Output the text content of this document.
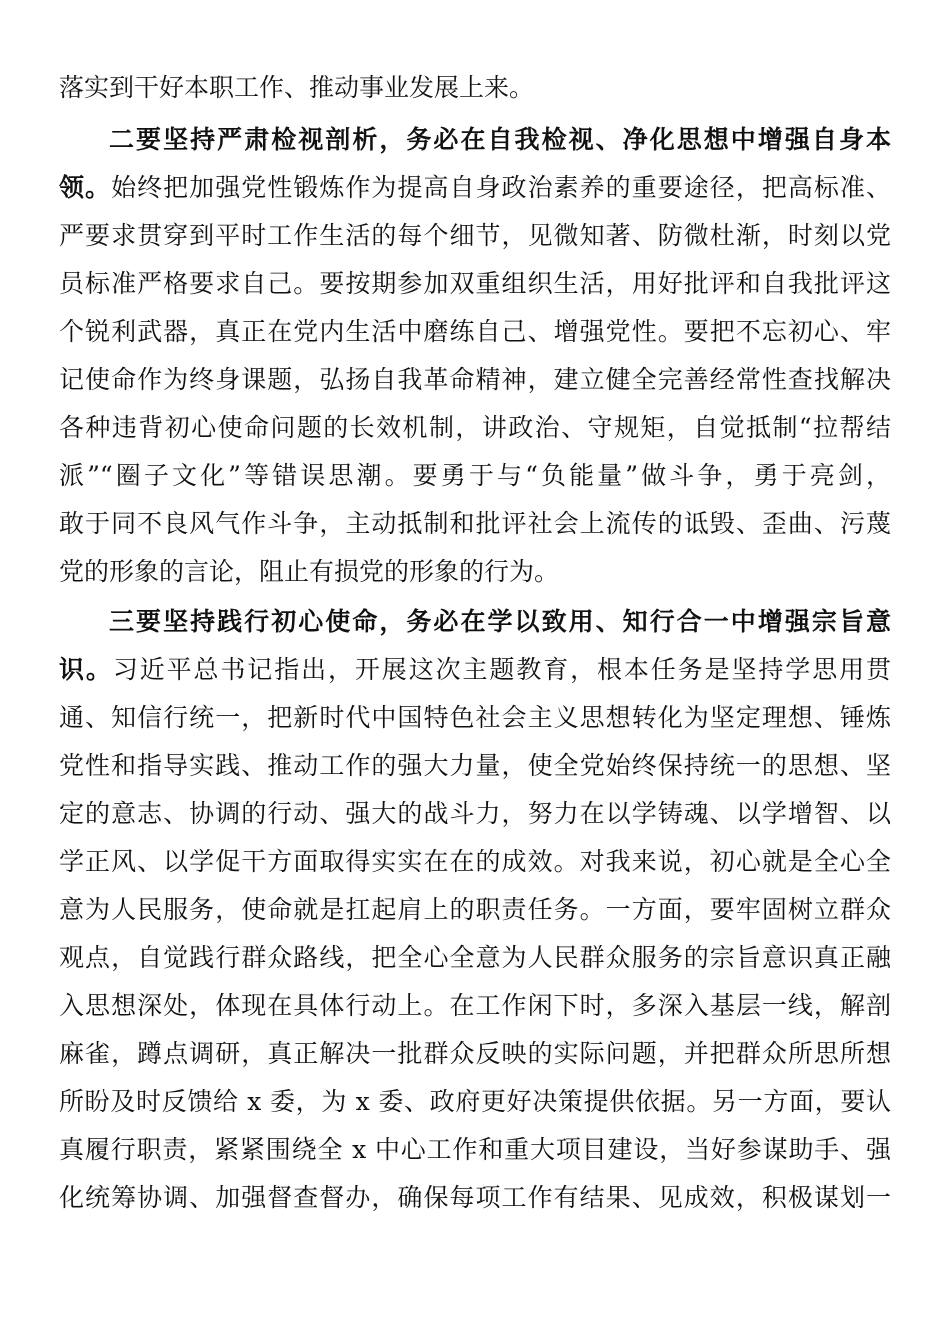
落实到干好本职工作、推动事业发展上来。
二要坚持严肃检视剖析，务必在自我检视、净化思想中增强自身本
领。始终把加强党性锻炼作为提高自身政治素养的重要途径，把高标准、
严要求贯穿到平时工作生活的每个细节，见微知著、防微杜渐，时刻以党
员标准严格要求自己。要按期参加双重组织生活，用好批评和自我批评这
个锐利武器，真正在党内生活中磨练自己、增强党性。要把不忘初心、牢
记使命作为终身课题，弘扬自我革命精神，建立健全完善经常性查找解决
各种违背初心使命问题的长效机制，讲政治、守规矩，自觉抵制“拉帮结
派”“圈子文化”等错误思潮。要勇于与“负能量”做斗争，勇于亮剑，
敢于同不良风气作斗争，主动抵制和批评社会上流传的诋毁、歪曲、污蔑
党的形象的言论，阻止有损党的形象的行为。
三要坚持践行初心使命，务必在学以致用、知行合一中增强宗旨意
识。习近平总书记指出，开展这次主题教育，根本任务是坚持学思用贯
通、知信行统一，把新时代中国特色社会主义思想转化为坚定理想、锤炼
党性和指导实践、推动工作的强大力量，使全党始终保持统一的思想、坚
定的意志、协调的行动、强大的战斗力，努力在以学铸魂、以学增智、以
学正风、以学促干方面取得实实在在的成效。对我来说，初心就是全心全
意为人民服务，使命就是扛起肩上的职责任务。一方面，要牢固树立群众
观点，自觉践行群众路线，把全心全意为人民群众服务的宗旨意识真正融
入思想深处，体现在具体行动上。在工作闲下时，多深入基层一线，解剖
麻雀，蹲点调研，真正解决一批群众反映的实际问题，并把群众所思所想
所盼及时反馈给 x 委，为 x 委、政府更好决策提供依据。另一方面，要认
真履行职责，紧紧围绕全 x 中心工作和重大项目建设，当好参谋助手、强
化统筹协调、加强督查督办，确保每项工作有结果、见成效，积极谋划一
